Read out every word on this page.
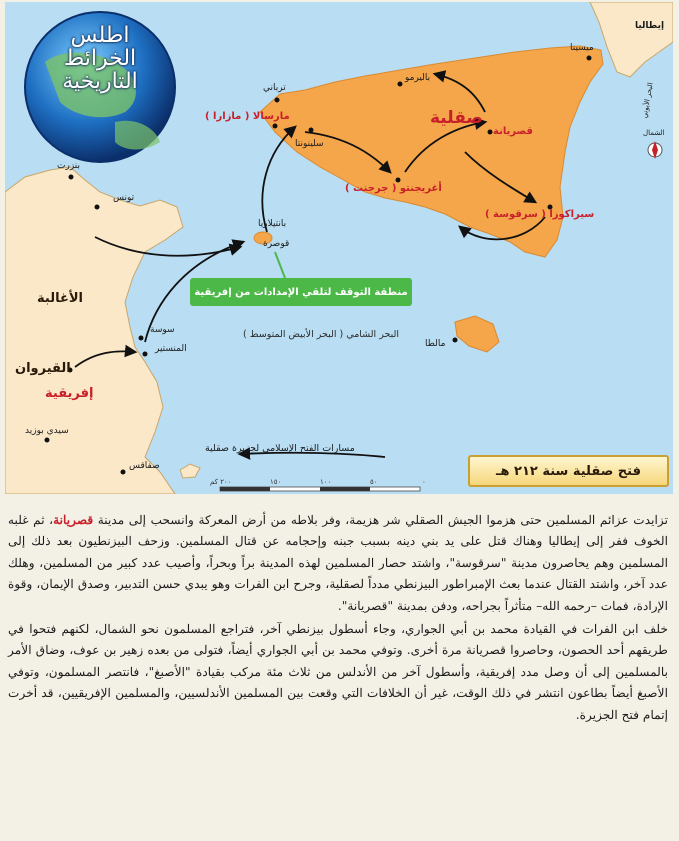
اطلس
الخرائط
التاريخية
ميسينا
إيطاليا
باليرمو
ترباني
مارسالا ( مازارا )
سلينونتا
صقلية
قصريانة
أغريجنتو ( جرجنت )
سيراكوزا ( سرقوسة )
بانتيلاريا
قوصرة
بنزرت
تونس
الأغالبة
سوسة
المنستير
القيروان
إفريقية
سيدي بوزيد
صفاقس
مالطا
البحر الأيوني
الشمال
البحر الشامي ( البحر الأبيض المتوسط )
مسارات الفتح الإسلامي لجزيرة صقلية
منطقة التوقف لتلقي الإمدادات من إفريقية
فتح صقلية سنة ٢١٢ هـ
٠
٥٠
١٠٠
١٥٠
٢٠٠ كم

تزايدت عزائم المسلمين حتى هزموا الجيش الصقلي شر هزيمة، وفر بلاطه من أرض المعركة وانسحب إلى مدينة قصريانة، ثم غلبه الخوف ففر إلى إيطاليا وهناك قتل على يد بني دينه بسبب جبنه وإحجامه عن قتال المسلمين. وزحف البيزنطيون بعد ذلك إلى المسلمين وهم يحاصرون مدينة "سرقوسة"، واشتد حصار المسلمين لهذه المدينة براً وبحراً، وأصيب عدد كبير من المسلمين، وهلك عدد آخر، واشتد القتال عندما بعث الإمبراطور البيزنطي مدداً لصقلية، وجرح ابن الفرات وهو يبدي حسن التدبير، وصدق الإيمان، وقوة الإرادة، فمات –رحمه الله– متأثراً بجراحه، ودفن بمدينة "قصريانة".

خلف ابن الفرات في القيادة محمد بن أبي الجواري، وجاء أسطول بيزنطي آخر، فتراجع المسلمون نحو الشمال، لكنهم فتحوا في طريقهم أحد الحصون، وحاصروا قصريانة مرة أخرى. وتوفي محمد بن أبي الجواري أيضاً، فتولى من بعده زهير بن عوف، وضاق الأمر بالمسلمين إلى أن وصل مدد إفريقية، وأسطول آخر من الأندلس من ثلاث مئة مركب بقيادة "الأصبغ"، فانتصر المسلمون، وتوفي الأصبغ أيضاً بطاعون انتشر في ذلك الوقت، غير أن الخلافات التي وقعت بين المسلمين الأندلسيين، والمسلمين الإفريقيين، قد أخرت إتمام فتح الجزيرة.
